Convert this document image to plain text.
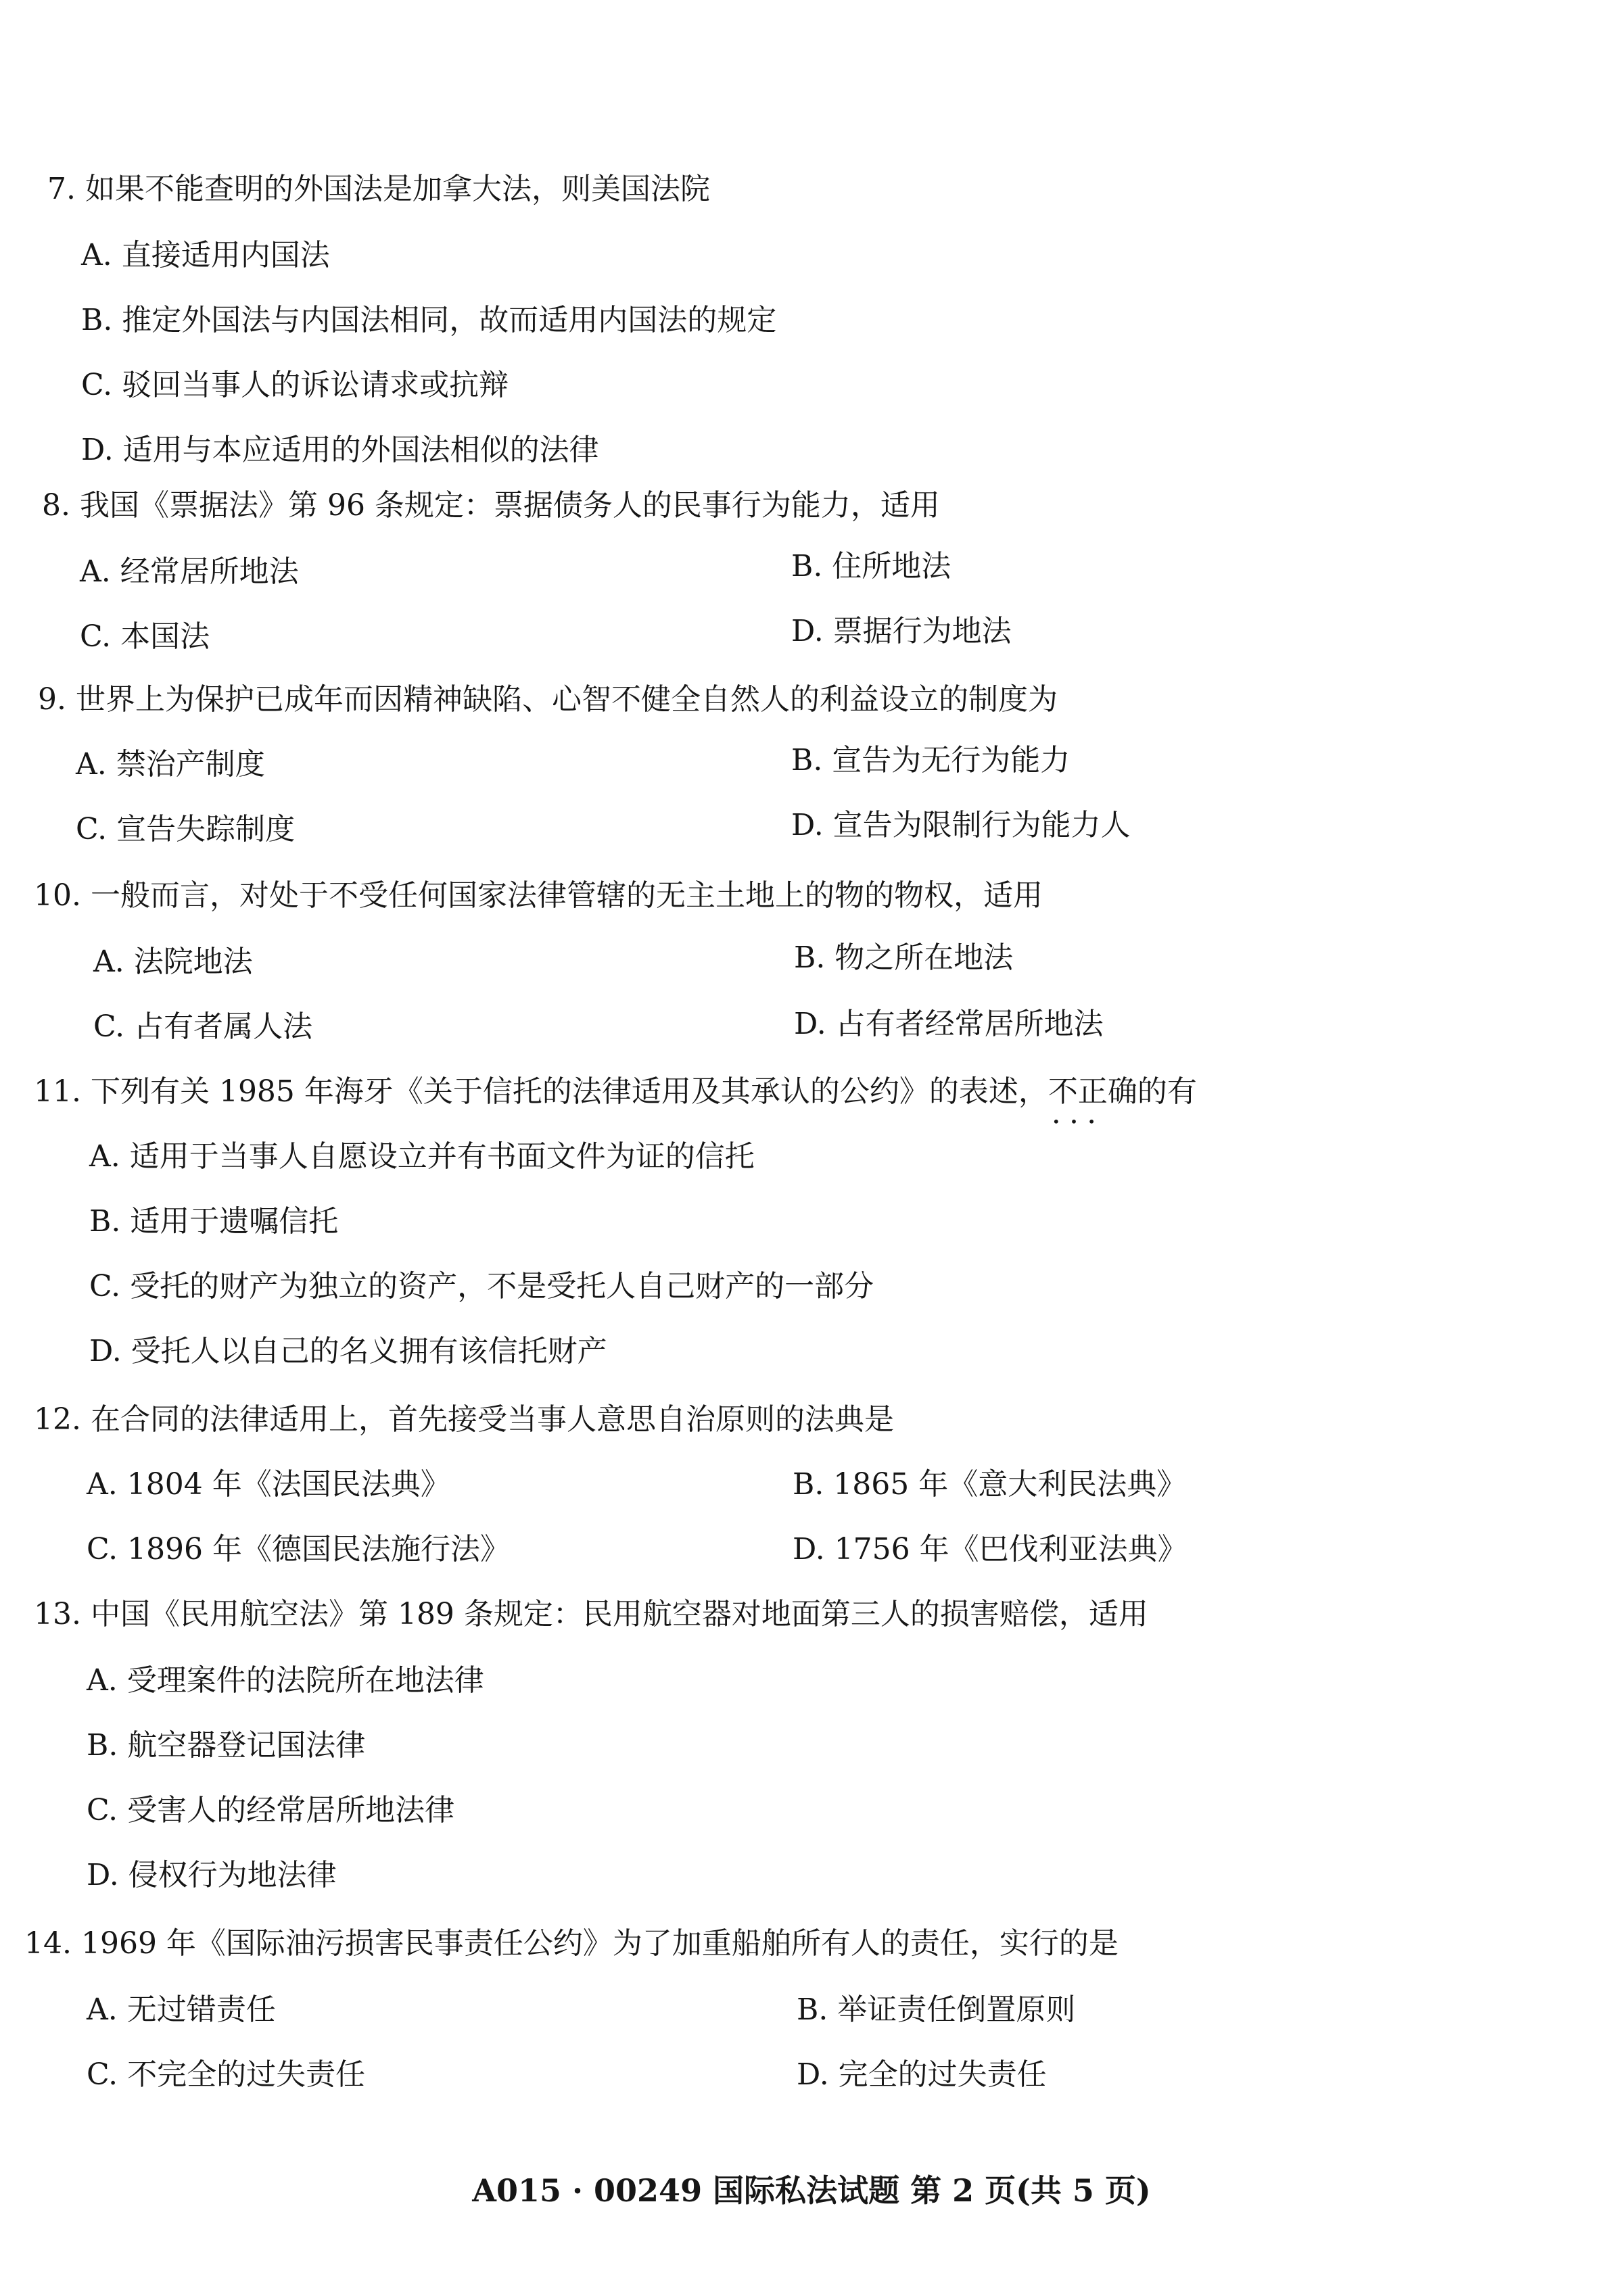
7. 如果不能查明的外国法是加拿大法，则美国法院
A. 直接适用内国法
B. 推定外国法与内国法相同，故而适用内国法的规定
C. 驳回当事人的诉讼请求或抗辩
D. 适用与本应适用的外国法相似的法律
8. 我国《票据法》第 96 条规定：票据债务人的民事行为能力，适用
A. 经常居所地法	B. 住所地法
C. 本国法	D. 票据行为地法
9. 世界上为保护已成年而因精神缺陷、心智不健全自然人的利益设立的制度为
A. 禁治产制度	B. 宣告为无行为能力
C. 宣告失踪制度	D. 宣告为限制行为能力人
10. 一般而言，对处于不受任何国家法律管辖的无主土地上的物的物权，适用
A. 法院地法	B. 物之所在地法
C. 占有者属人法	D. 占有者经常居所地法
11. 下列有关 1985 年海牙《关于信托的法律适用及其承认的公约》的表述，不正确 • • •的有
A. 适用于当事人自愿设立并有书面文件为证的信托
B. 适用于遗嘱信托
C. 受托的财产为独立的资产，不是受托人自己财产的一部分
D. 受托人以自己的名义拥有该信托财产
12. 在合同的法律适用上，首先接受当事人意思自治原则的法典是
A. 1804 年《法国民法典》	B. 1865 年《意大利民法典》
C. 1896 年《德国民法施行法》	D. 1756 年《巴伐利亚法典》
13. 中国《民用航空法》第 189 条规定：民用航空器对地面第三人的损害赔偿，适用
A. 受理案件的法院所在地法律
B. 航空器登记国法律
C. 受害人的经常居所地法律
D. 侵权行为地法律
14. 1969 年《国际油污损害民事责任公约》为了加重船舶所有人的责任，实行的是
A. 无过错责任	B. 举证责任倒置原则
C. 不完全的过失责任	D. 完全的过失责任
A015 · 00249 国际私法试题 第 2 页(共 5 页)
